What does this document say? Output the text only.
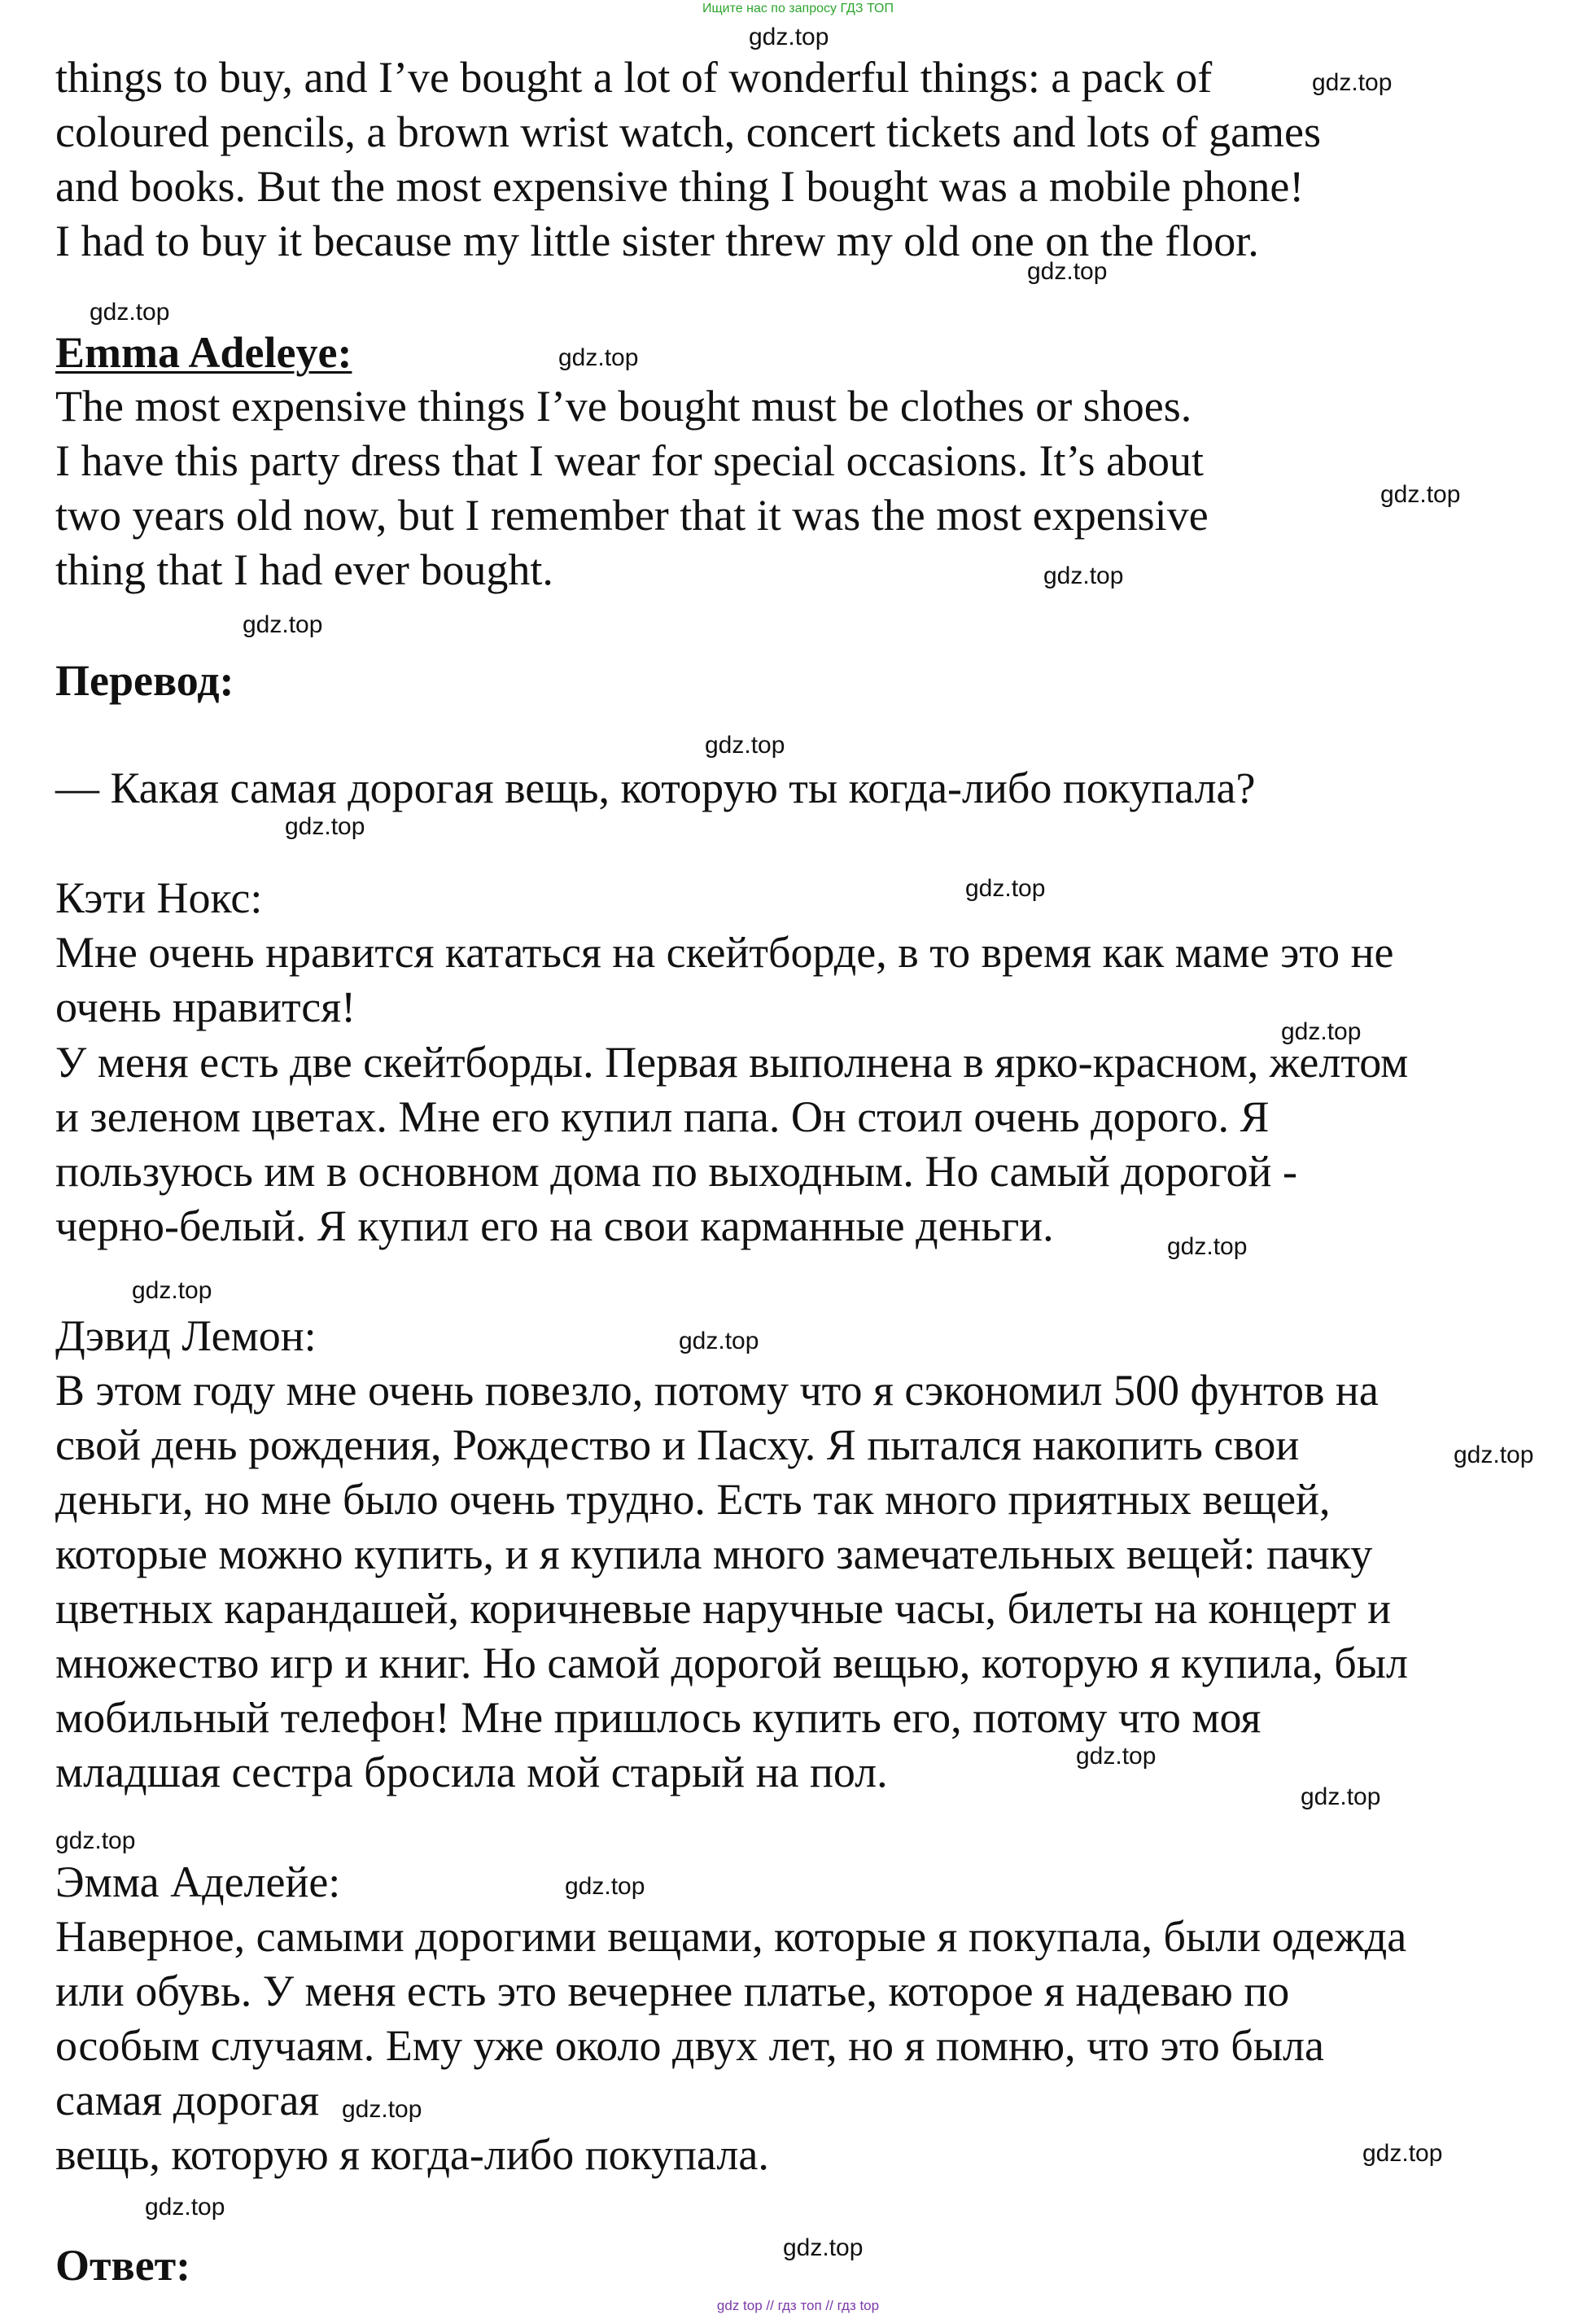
Ищите нас по запросу ГДЗ ТОП

things to buy, and I’ve bought a lot of wonderful things: a pack of

coloured pencils, a brown wrist watch, concert tickets and lots of games

and books. But the most expensive thing I bought was a mobile phone!

I had to buy it because my little sister threw my old one on the floor.

Emma Adeleye:

The most expensive things I’ve bought must be clothes or shoes.

I have this party dress that I wear for special occasions. It’s about

two years old now, but I remember that it was the most expensive

thing that I had ever bought.

Перевод:

— Какая самая дорогая вещь, которую ты когда-либо покупала?

Кэти Нокс:

Мне очень нравится кататься на скейтборде, в то время как маме это не

очень нравится!

У меня есть две скейтборды. Первая выполнена в ярко-красном, желтом

и зеленом цветах. Мне его купил папа. Он стоил очень дорого. Я

пользуюсь им в основном дома по выходным. Но самый дорогой -

черно-белый. Я купил его на свои карманные деньги.

Дэвид Лемон:

В этом году мне очень повезло, потому что я сэкономил 500 фунтов на

свой день рождения, Рождество и Пасху. Я пытался накопить свои

деньги, но мне было очень трудно. Есть так много приятных вещей,

которые можно купить, и я купила много замечательных вещей: пачку

цветных карандашей, коричневые наручные часы, билеты на концерт и

множество игр и книг. Но самой дорогой вещью, которую я купила, был

мобильный телефон! Мне пришлось купить его, потому что моя

младшая сестра бросила мой старый на пол.

Эмма Аделейе:

Наверное, самыми дорогими вещами, которые я покупала, были одежда

или обувь. У меня есть это вечернее платье, которое я надеваю по

особым случаям. Ему уже около двух лет, но я помню, что это была

самая дорогая

вещь, которую я когда-либо покупала.

Ответ:

gdz.top
gdz.top
gdz.top
gdz.top
gdz.top
gdz.top
gdz.top
gdz.top
gdz.top
gdz.top
gdz.top
gdz.top
gdz.top
gdz.top
gdz.top
gdz.top
gdz.top
gdz.top
gdz.top
gdz.top
gdz.top
gdz.top
gdz.top
gdz.top
gdz top // гдз топ // гдз top
